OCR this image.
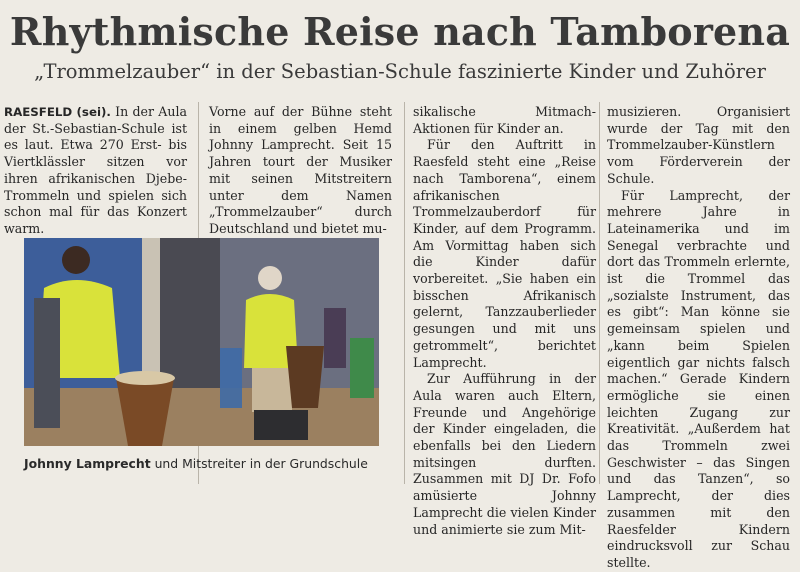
Rhythmische Reise nach Tamborena
„Trommelzauber“ in der Sebastian-Schule faszinierte Kinder und Zuhörer

RAESFELD (sei). In der Aula der St.-Sebastian-Schule ist es laut. Etwa 270 Erst- bis Viertklässler sitzen vor ihren afrikanischen Djebe-Trommeln und spielen sich schon mal für das Konzert warm.

Vorne auf der Bühne steht in einem gelben Hemd Johnny Lamprecht. Seit 15 Jahren tourt der Musiker mit seinen Mitstreitern unter dem Namen „Trommelzauber“ durch Deutschland und bietet mu-

sikalische Mitmach-Aktionen für Kinder an.

Für den Auftritt in Raesfeld steht eine „Reise nach Tamborena“, einem afrikanischen Trommelzauberdorf für Kinder, auf dem Programm. Am Vormittag haben sich die Kinder dafür vorbereitet. „Sie haben ein bisschen Afrikanisch gelernt, Tanzzauberlieder gesungen und mit uns getrommelt“, berichtet Lamprecht.

Zur Aufführung in der Aula waren auch Eltern, Freunde und Angehörige der Kinder eingeladen, die ebenfalls bei den Liedern mitsingen durften. Zusammen mit DJ Dr. Fofo amüsierte Johnny Lamprecht die vielen Kinder und animierte sie zum Mit-

musizieren. Organisiert wurde der Tag mit den Trommelzauber-Künstlern vom Förderverein der Schule.

Für Lamprecht, der mehrere Jahre in Lateinamerika und im Senegal verbrachte und dort das Trommeln erlernte, ist die Trommel das „sozialste Instrument, das es gibt“: Man könne sie gemeinsam spielen und „kann beim Spielen eigentlich gar nichts falsch machen.“ Gerade Kindern ermögliche sie einen leichten Zugang zur Kreativität. „Außerdem hat das Trommeln zwei Geschwister – das Singen und das Tanzen“, so Lamprecht, der dies zusammen mit den Raesfelder Kindern eindrucksvoll zur Schau stellte.

Johnny Lamprecht und Mitstreiter in der Grundschule
